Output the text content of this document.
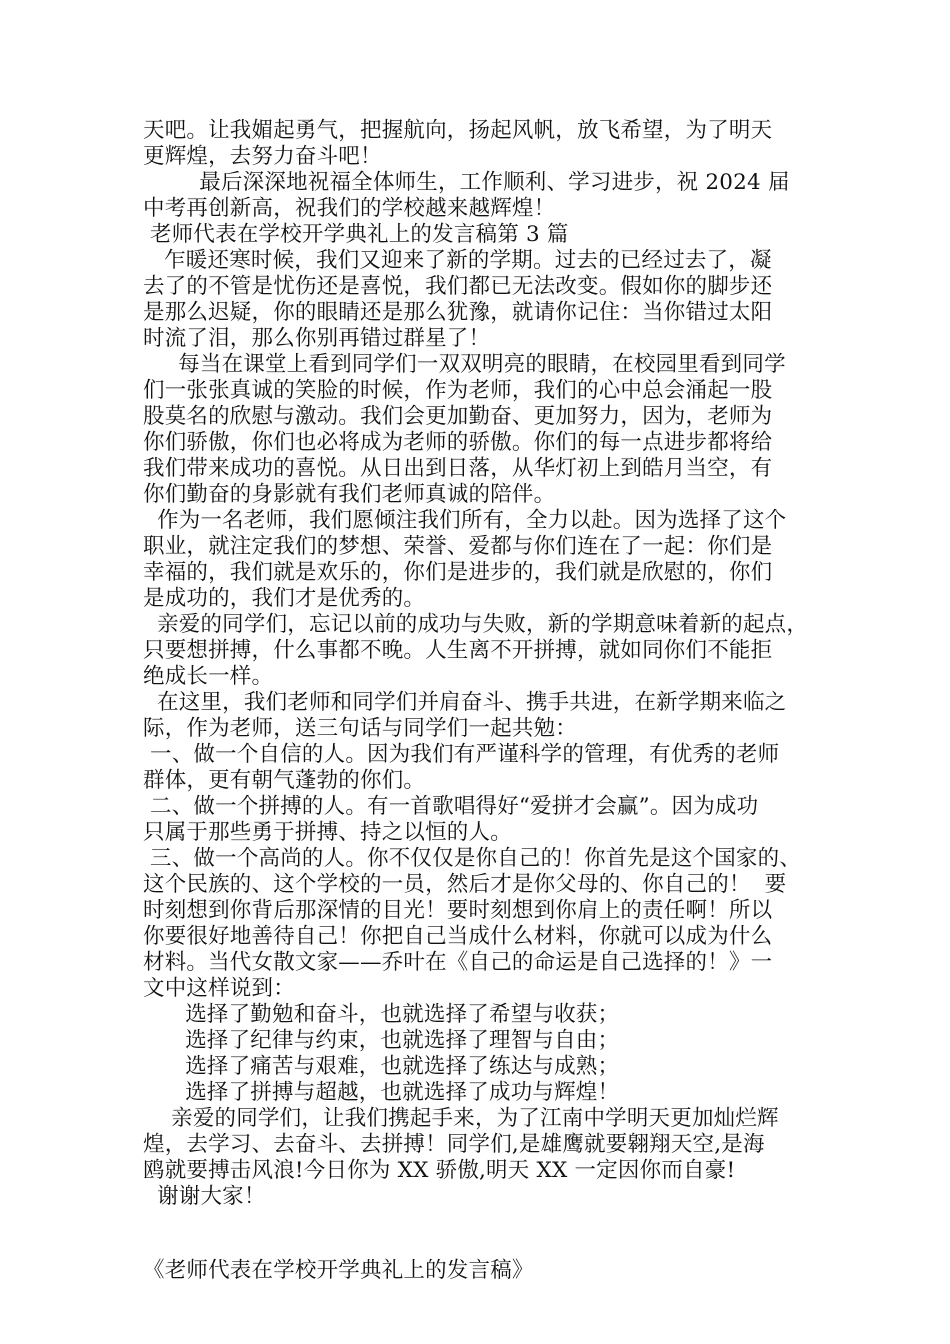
天吧。让我媚起勇气，把握航向，扬起风帆，放飞希望，为了明天
更辉煌，去努力奋斗吧！
最后深深地祝福全体师生，工作顺利、学习进步，祝 2024 届
中考再创新高，祝我们的学校越来越辉煌！
老师代表在学校开学典礼上的发言稿第 3 篇
乍暖还寒时候，我们又迎来了新的学期。过去的已经过去了，凝
去了的不管是忧伤还是喜悦，我们都已无法改变。假如你的脚步还
是那么迟疑，你的眼睛还是那么犹豫，就请你记住：当你错过太阳
时流了泪，那么你别再错过群星了！
每当在课堂上看到同学们一双双明亮的眼睛，在校园里看到同学
们一张张真诚的笑脸的时候，作为老师，我们的心中总会涌起一股
股莫名的欣慰与激动。我们会更加勤奋、更加努力，因为，老师为
你们骄傲，你们也必将成为老师的骄傲。你们的每一点进步都将给
我们带来成功的喜悦。从日出到日落，从华灯初上到皓月当空，有
你们勤奋的身影就有我们老师真诚的陪伴。
作为一名老师，我们愿倾注我们所有，全力以赴。因为选择了这个
职业，就注定我们的梦想、荣誉、爱都与你们连在了一起：你们是
幸福的，我们就是欢乐的，你们是进步的，我们就是欣慰的，你们
是成功的，我们才是优秀的。
亲爱的同学们，忘记以前的成功与失败，新的学期意味着新的起点，
只要想拼搏，什么事都不晚。人生离不开拼搏，就如同你们不能拒
绝成长一样。
在这里，我们老师和同学们并肩奋斗、携手共进，在新学期来临之
际，作为老师，送三句话与同学们一起共勉：
一、做一个自信的人。因为我们有严谨科学的管理，有优秀的老师
群体，更有朝气蓬勃的你们。
二、做一个拼搏的人。有一首歌唱得好“爱拼才会赢”。因为成功
只属于那些勇于拼搏、持之以恒的人。
三、做一个高尚的人。你不仅仅是你自己的！你首先是这个国家的、
这个民族的、这个学校的一员，然后才是你父母的、你自己的！  要
时刻想到你背后那深情的目光！要时刻想到你肩上的责任啊！所以
你要很好地善待自己！你把自己当成什么材料，你就可以成为什么
材料。当代女散文家——乔叶在《自己的命运是自己选择的！》一
文中这样说到：
选择了勤勉和奋斗，也就选择了希望与收获；
选择了纪律与约束，也就选择了理智与自由；
选择了痛苦与艰难，也就选择了练达与成熟；
选择了拼搏与超越，也就选择了成功与辉煌！
亲爱的同学们，让我们携起手来，为了江南中学明天更加灿烂辉
煌，去学习、去奋斗、去拼搏！同学们,是雄鹰就要翱翔天空,是海
鸥就要搏击风浪!今日你为 XX 骄傲,明天 XX 一定因你而自豪!
谢谢大家！
《老师代表在学校开学典礼上的发言稿》
